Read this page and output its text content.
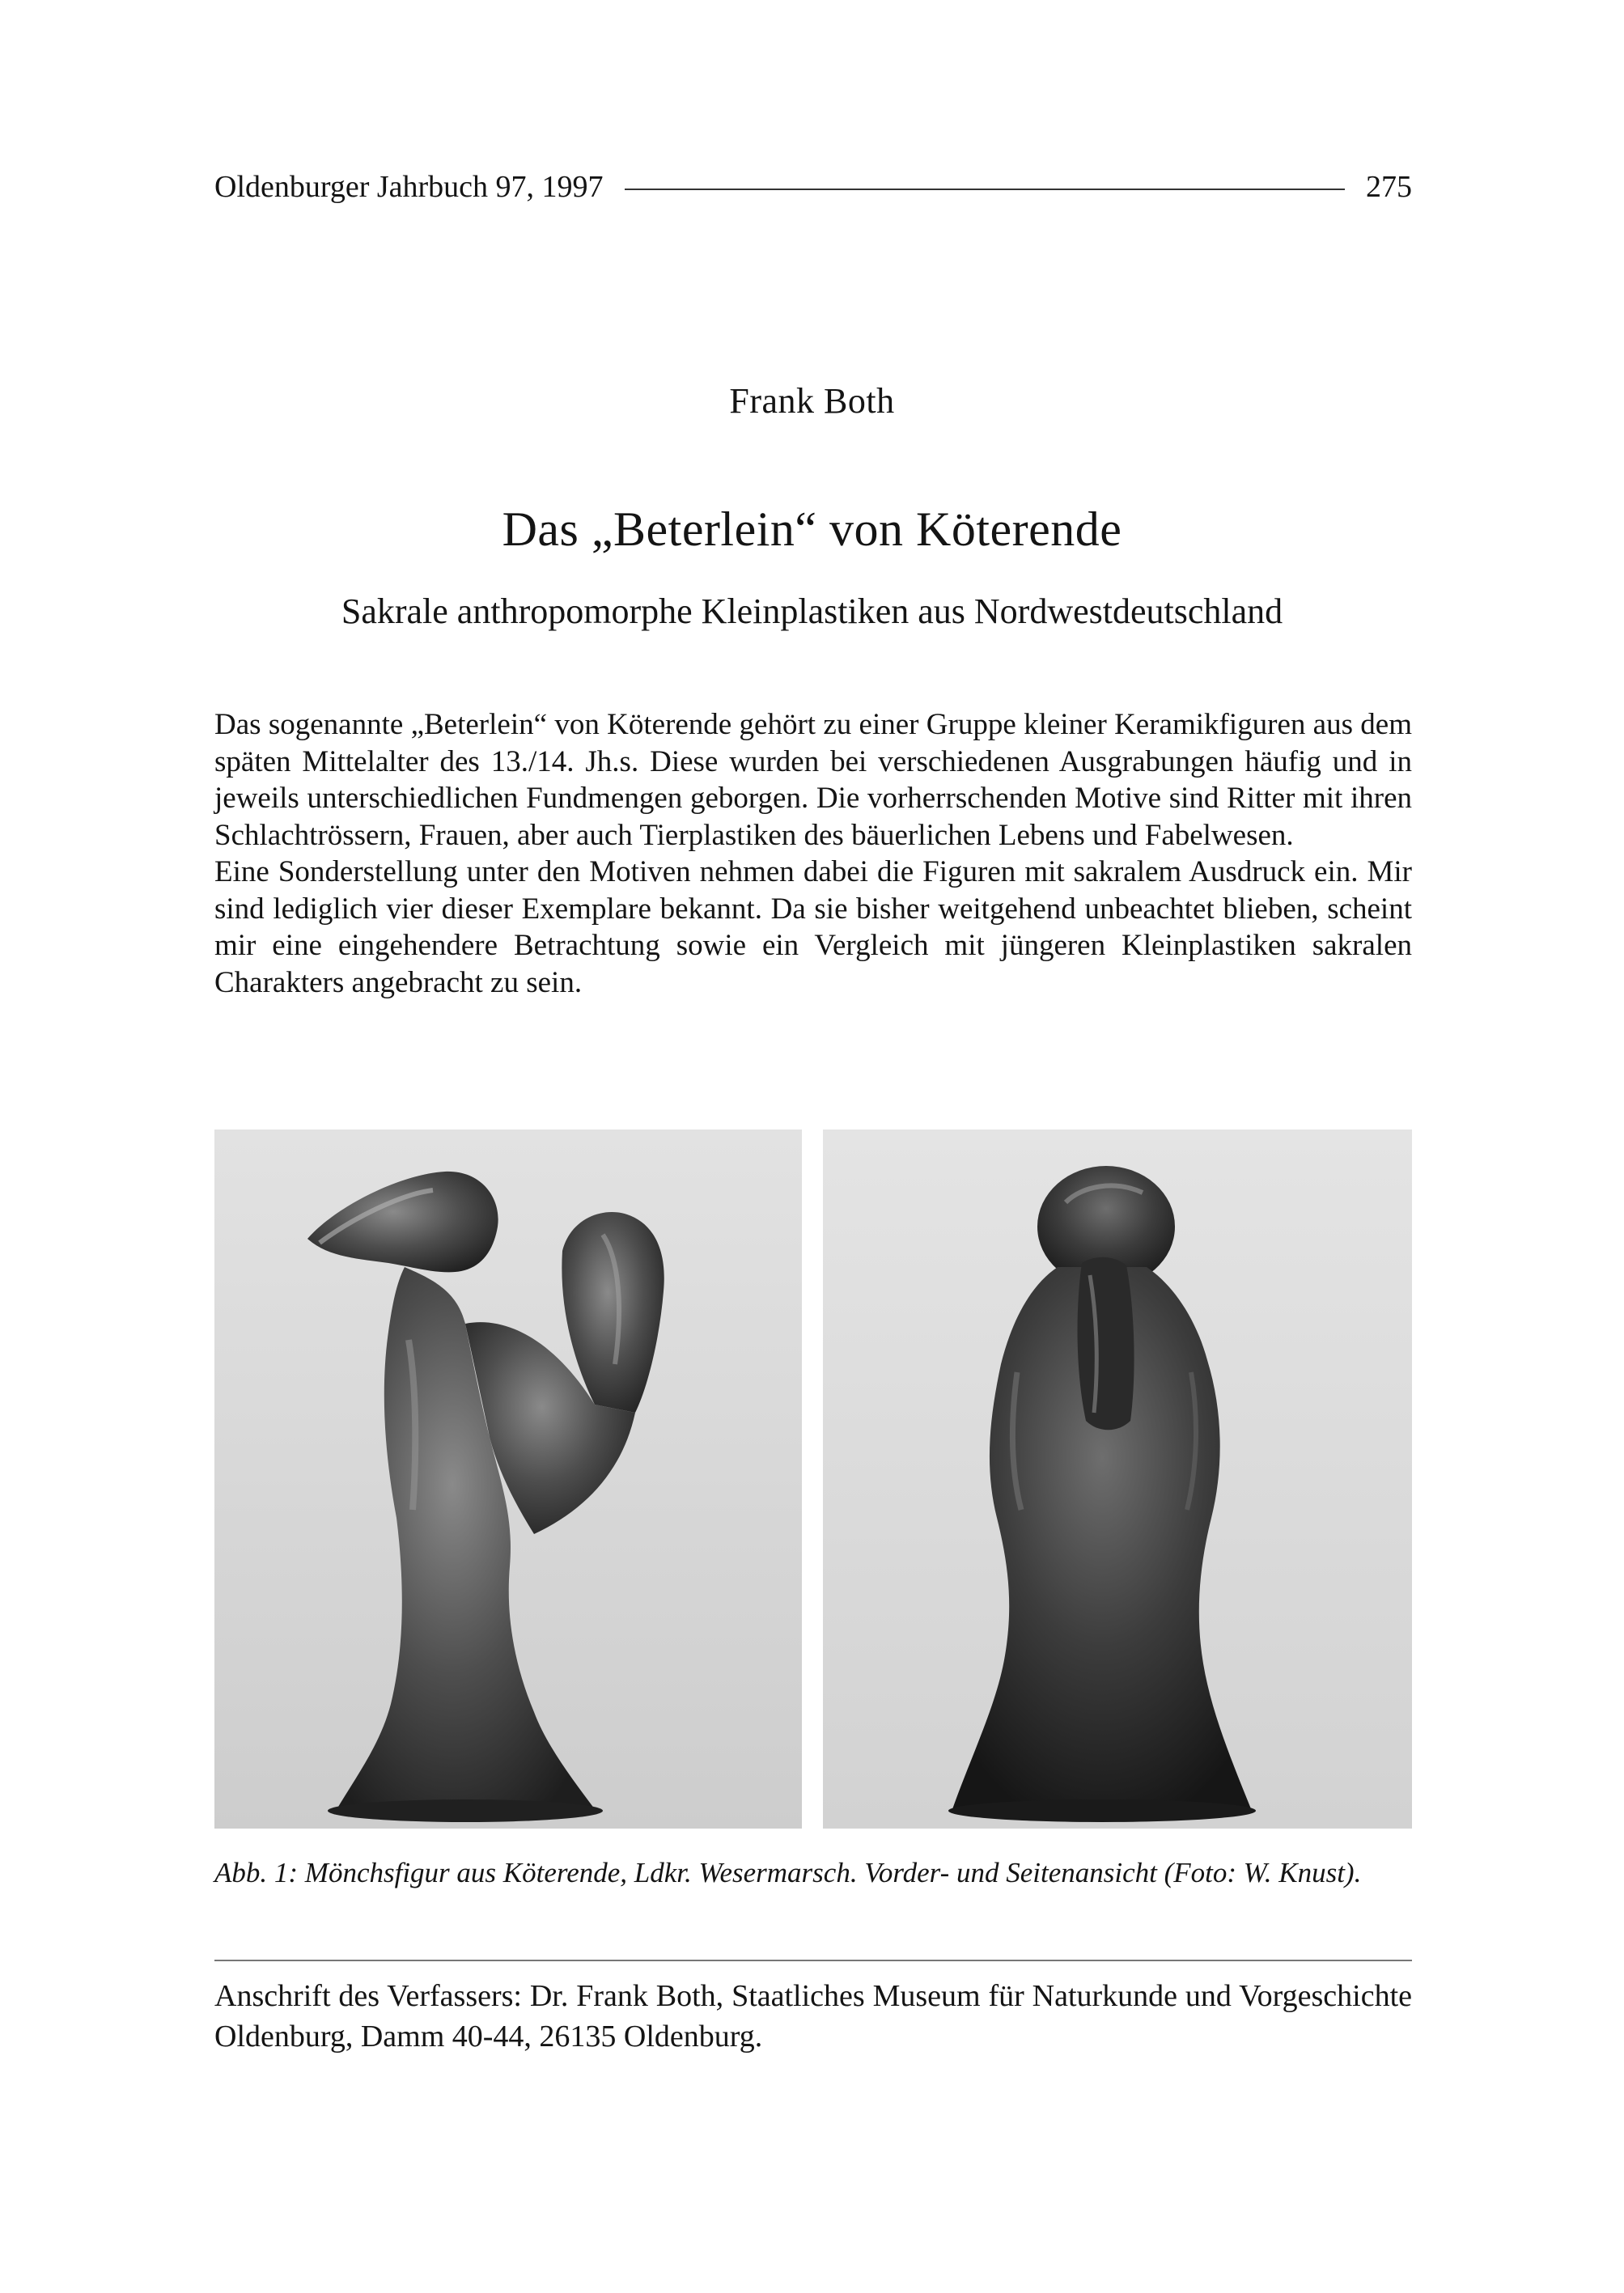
Oldenburger Jahrbuch 97, 1997	275
Frank Both
Das „Beterlein“ von Köterende
Sakrale anthropomorphe Kleinplastiken aus Nordwestdeutschland

Das sogenannte „Beterlein“ von Köterende gehört zu einer Gruppe kleiner Keramikfiguren aus dem späten Mittelalter des 13./14. Jh.s. Diese wurden bei verschiedenen Ausgrabungen häufig und in jeweils unterschiedlichen Fundmengen geborgen. Die vorherrschenden Motive sind Ritter mit ihren Schlachtrössern, Frauen, aber auch Tierplastiken des bäuerlichen Lebens und Fabelwesen.

Eine Sonderstellung unter den Motiven nehmen dabei die Figuren mit sakralem Ausdruck ein. Mir sind lediglich vier dieser Exemplare bekannt. Da sie bisher weitgehend unbeachtet blieben, scheint mir eine eingehendere Betrachtung sowie ein Vergleich mit jüngeren Kleinplastiken sakralen Charakters angebracht zu sein.

Abb. 1: Mönchsfigur aus Köterende, Ldkr. Wesermarsch. Vorder- und Seitenansicht (Foto: W. Knust).
Anschrift des Verfassers: Dr. Frank Both, Staatliches Museum für Naturkunde und Vorgeschichte Oldenburg, Damm 40-44, 26135 Oldenburg.
